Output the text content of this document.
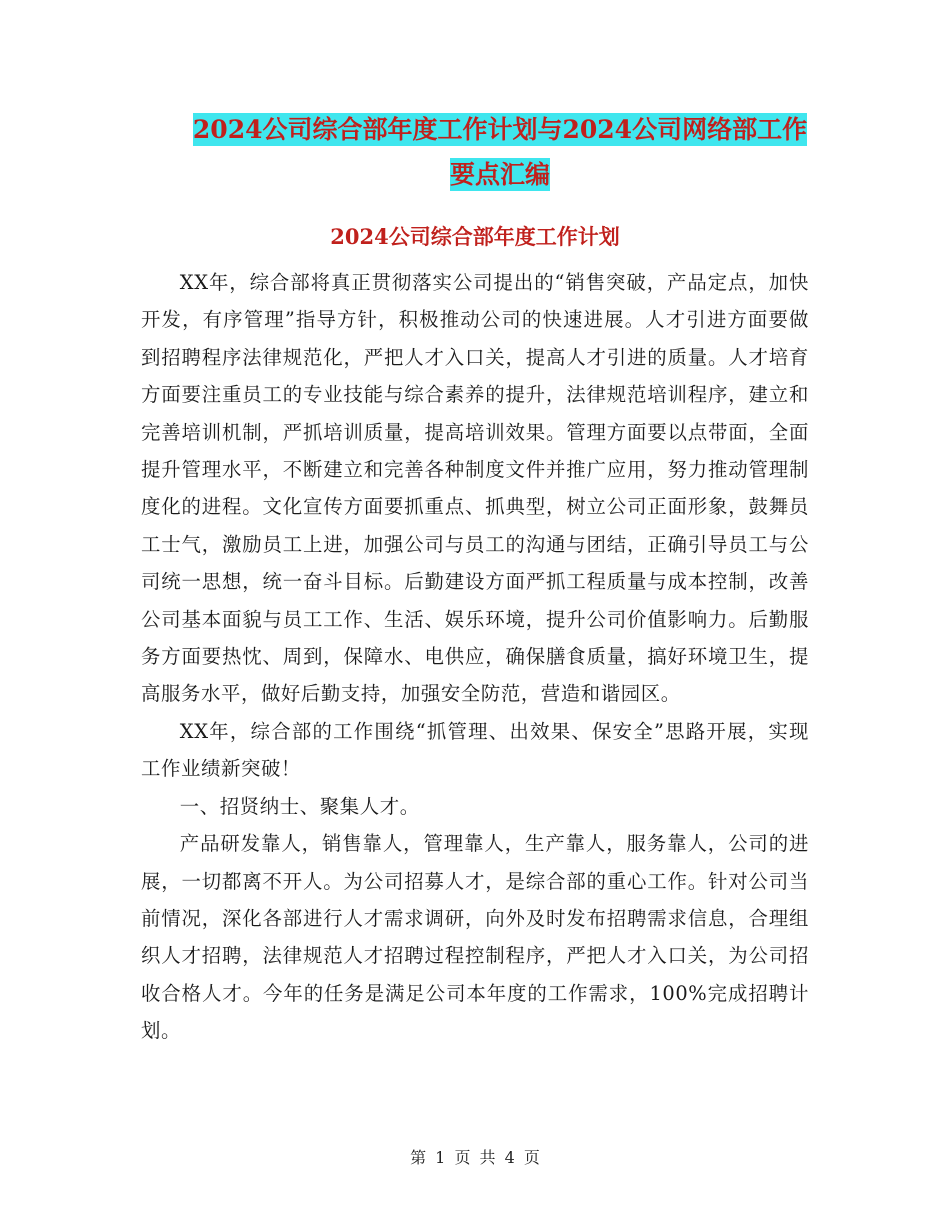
2024公司综合部年度工作计划与2024公司网络部工作
要点汇编
2024公司综合部年度工作计划

XX年，综合部将真正贯彻落实公司提出的“销售突破，产品定点，加快开发，有序管理”指导方针，积极推动公司的快速进展。人才引进方面要做到招聘程序法律规范化，严把人才入口关，提高人才引进的质量。人才培育方面要注重员工的专业技能与综合素养的提升，法律规范培训程序，建立和完善培训机制，严抓培训质量，提高培训效果。管理方面要以点带面，全面提升管理水平，不断建立和完善各种制度文件并推广应用，努力推动管理制度化的进程。文化宣传方面要抓重点、抓典型，树立公司正面形象，鼓舞员工士气，激励员工上进，加强公司与员工的沟通与团结，正确引导员工与公司统一思想，统一奋斗目标。后勤建设方面严抓工程质量与成本控制，改善公司基本面貌与员工工作、生活、娱乐环境，提升公司价值影响力。后勤服务方面要热忱、周到，保障水、电供应，确保膳食质量，搞好环境卫生，提高服务水平，做好后勤支持，加强安全防范，营造和谐园区。

XX年，综合部的工作围绕“抓管理、出效果、保安全”思路开展，实现工作业绩新突破！

一、招贤纳士、聚集人才。

产品研发靠人，销售靠人，管理靠人，生产靠人，服务靠人，公司的进展，一切都离不开人。为公司招募人才，是综合部的重心工作。针对公司当前情况，深化各部进行人才需求调研，向外及时发布招聘需求信息，合理组织人才招聘，法律规范人才招聘过程控制程序，严把人才入口关，为公司招收合格人才。今年的任务是满足公司本年度的工作需求，100%完成招聘计划。

第 1 页 共 4 页
